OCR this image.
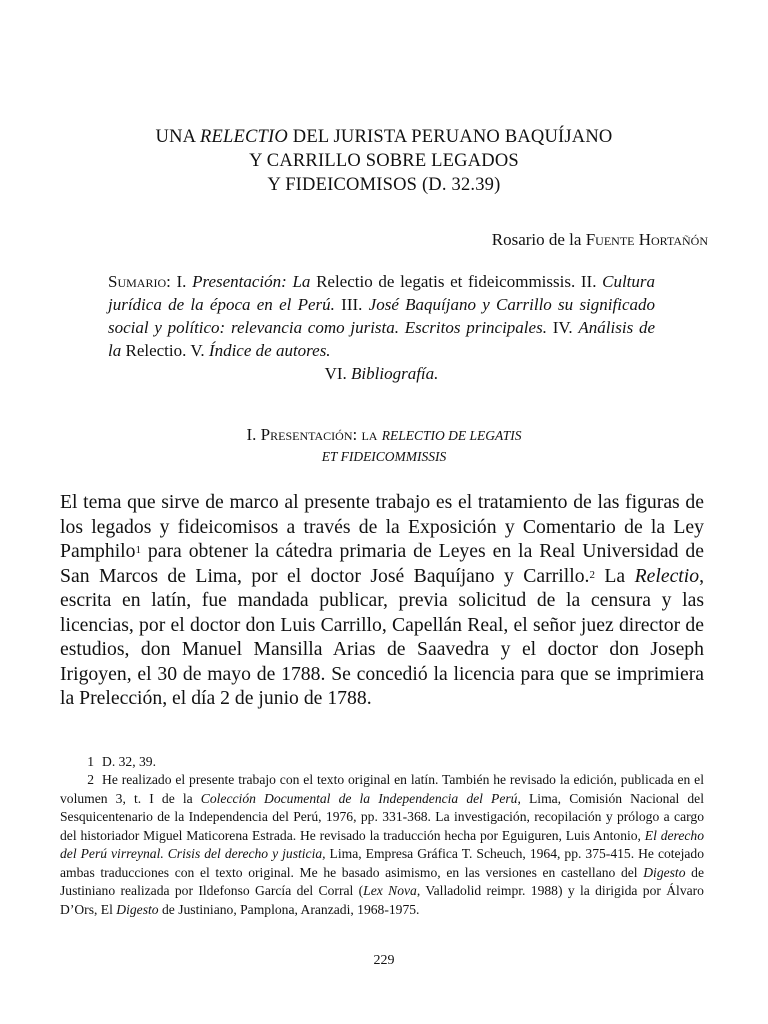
UNA RELECTIO DEL JURISTA PERUANO BAQUÍJANO
Y CARRILLO SOBRE LEGADOS
Y FIDEICOMISOS (D. 32.39)
Rosario de la Fuente Hortañón
Sumario: I. Presentación: La Relectio de legatis et fideicommissis. II. Cultura jurídica de la época en el Perú. III. José Baquíjano y Carrillo su significado social y político: relevancia como jurista. Escritos principales. IV. Análisis de la Relectio. V. Índice de autores.
VI. Bibliografía.
I. Presentación: la RELECTIO DE LEGATIS
ET FIDEICOMMISSIS
El tema que sirve de marco al presente trabajo es el tratamiento de las figuras de los legados y fideicomisos a través de la Exposición y Comentario de la Ley Pamphilo$^1$ para obtener la cátedra primaria de Leyes en la Real Universidad de San Marcos de Lima, por el doctor José Baquíjano y Carrillo.$^2$ La Relectio, escrita en latín, fue mandada publicar, previa solicitud de la censura y las licencias, por el doctor don Luis Carrillo, Capellán Real, el señor juez director de estudios, don Manuel Mansilla Arias de Saavedra y el doctor don Joseph Irigoyen, el 30 de mayo de 1788. Se concedió la licencia para que se imprimiera la Prelección, el día 2 de junio de 1788.
1 D. 32, 39.
2 He realizado el presente trabajo con el texto original en latín. También he revisado la edición, publicada en el volumen 3, t. I de la Colección Documental de la Independencia del Perú, Lima, Comisión Nacional del Sesquicentenario de la Independencia del Perú, 1976, pp. 331-368. La investigación, recopilación y prólogo a cargo del historiador Miguel Maticorena Estrada. He revisado la traducción hecha por Eguiguren, Luis Antonio, El derecho del Perú virreynal. Crisis del derecho y justicia, Lima, Empresa Gráfica T. Scheuch, 1964, pp. 375-415. He cotejado ambas traducciones con el texto original. Me he basado asimismo, en las versiones en castellano del Digesto de Justiniano realizada por Ildefonso García del Corral (Lex Nova, Valladolid reimpr. 1988) y la dirigida por Álvaro D’Ors, El Digesto de Justiniano, Pamplona, Aranzadi, 1968-1975.
229
